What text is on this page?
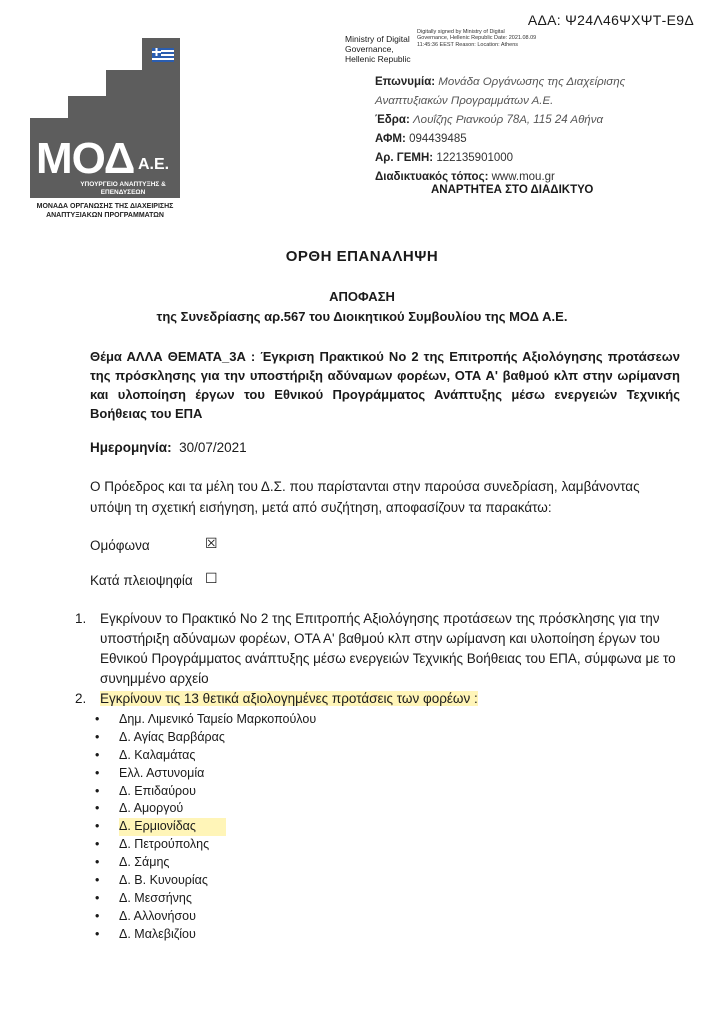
ΑΔΑ: Ψ24Λ46ΨΧΨΤ-Ε9Δ
ΜΟΔ Α.Ε.
ΥΠΟΥΡΓΕΙΟ ΑΝΑΠΤΥΞΗΣ & ΕΠΕΝΔΥΣΕΩΝ
ΜΟΝΑΔΑ ΟΡΓΑΝΩΣΗΣ ΤΗΣ ΔΙΑΧΕΙΡΙΣΗΣ ΑΝΑΠΤΥΞΙΑΚΩΝ ΠΡΟΓΡΑΜΜΑΤΩΝ
Ministry of Digital Governance, Hellenic Republic
Digitally signed by Ministry of Digital Governance, Hellenic Republic Date: 2021.08.09 11:45:36 EEST Reason: Location: Athens
Επωνυμία: Μονάδα Οργάνωσης της Διαχείρισης
Αναπτυξιακών Προγραμμάτων Α.Ε.
Έδρα: Λουΐζης Ριανκούρ 78Α, 115 24 Αθήνα
ΑΦΜ: 094439485
Αρ. ΓΕΜΗ: 122135901000
Διαδικτυακός τόπος: www.mou.gr
ΑΝΑΡΤΗΤΕΑ ΣΤΟ ΔΙΑΔΙΚΤΥΟ
ΟΡΘΗ ΕΠΑΝΑΛΗΨΗ
ΑΠΟΦΑΣΗ
της Συνεδρίασης αρ.567 του Διοικητικού Συμβουλίου της ΜΟΔ Α.Ε.
Θέμα ΑΛΛΑ ΘΕΜΑΤΑ_3Α : Έγκριση Πρακτικού Νο 2 της Επιτροπής Αξιολόγησης προτάσεων της πρόσκλησης για την υποστήριξη αδύναμων φορέων, ΟΤΑ Α' βαθμού κλπ στην ωρίμανση και υλοποίηση έργων του Εθνικού Προγράμματος Ανάπτυξης μέσω ενεργειών Τεχνικής Βοήθειας του ΕΠΑ
Ημερομηνία: 30/07/2021
Ο Πρόεδρος και τα μέλη του Δ.Σ. που παρίστανται στην παρούσα συνεδρίαση, λαμβάνοντας υπόψη τη σχετική εισήγηση, μετά από συζήτηση, αποφασίζουν τα παρακάτω:
Ομόφωνα	☒
Κατά πλειοψηφία ☐
1. Εγκρίνουν το Πρακτικό Νο 2 της Επιτροπής Αξιολόγησης προτάσεων της πρόσκλησης για την υποστήριξη αδύναμων φορέων, ΟΤΑ Α' βαθμού κλπ στην ωρίμανση και υλοποίηση έργων του Εθνικού Προγράμματος ανάπτυξης μέσω ενεργειών Τεχνικής Βοήθειας του ΕΠΑ, σύμφωνα με το συνημμένο αρχείο
2. Εγκρίνουν τις 13 θετικά αξιολογημένες προτάσεις των φορέων :
• Δημ. Λιμενικό Ταμείο Μαρκοπούλου
• Δ. Αγίας Βαρβάρας
• Δ. Καλαμάτας
• Ελλ. Αστυνομία
• Δ. Επιδαύρου
• Δ. Αμοργού
• Δ. Ερμιονίδας
• Δ. Πετρούπολης
• Δ. Σάμης
• Δ. Β. Κυνουρίας
• Δ. Μεσσήνης
• Δ. Αλλονήσου
• Δ. Μαλεβιζίου
